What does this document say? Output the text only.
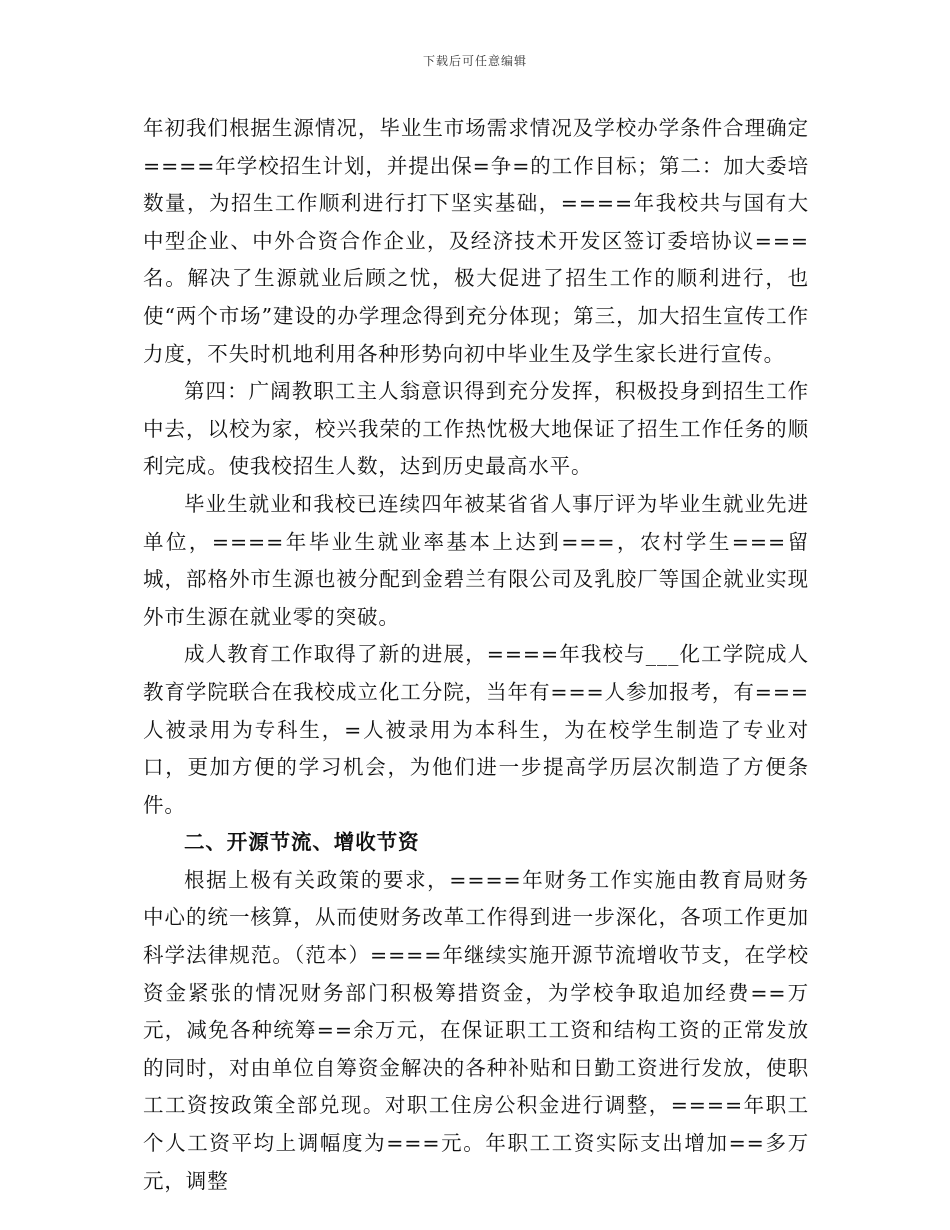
下载后可任意编辑

年初我们根据生源情况，毕业生市场需求情况及学校办学条件合理确定====年学校招生计划，并提出保=争=的工作目标；第二：加大委培数量，为招生工作顺利进行打下坚实基础，====年我校共与国有大中型企业、中外合资合作企业，及经济技术开发区签订委培协议===名。解决了生源就业后顾之忧，极大促进了招生工作的顺利进行，也使“两个市场”建设的办学理念得到充分体现；第三，加大招生宣传工作力度，不失时机地利用各种形势向初中毕业生及学生家长进行宣传。

第四：广阔教职工主人翁意识得到充分发挥，积极投身到招生工作中去，以校为家，校兴我荣的工作热忱极大地保证了招生工作任务的顺利完成。使我校招生人数，达到历史最高水平。

毕业生就业和我校已连续四年被某省省人事厅评为毕业生就业先进单位，====年毕业生就业率基本上达到===，农村学生===留城，部格外市生源也被分配到金碧兰有限公司及乳胶厂等国企就业实现外市生源在就业零的突破。

成人教育工作取得了新的进展，====年我校与___化工学院成人教育学院联合在我校成立化工分院，当年有===人参加报考，有===人被录用为专科生，=人被录用为本科生，为在校学生制造了专业对口，更加方便的学习机会，为他们进一步提高学历层次制造了方便条件。

二、开源节流、增收节资

根据上极有关政策的要求，====年财务工作实施由教育局财务中心的统一核算，从而使财务改革工作得到进一步深化，各项工作更加科学法律规范。（范本）====年继续实施开源节流增收节支，在学校资金紧张的情况财务部门积极筹措资金，为学校争取追加经费==万元，减免各种统筹==余万元，在保证职工工资和结构工资的正常发放的同时，对由单位自筹资金解决的各种补贴和日勤工资进行发放，使职工工资按政策全部兑现。对职工住房公积金进行调整，====年职工个人工资平均上调幅度为===元。年职工工资实际支出增加==多万元，调整
